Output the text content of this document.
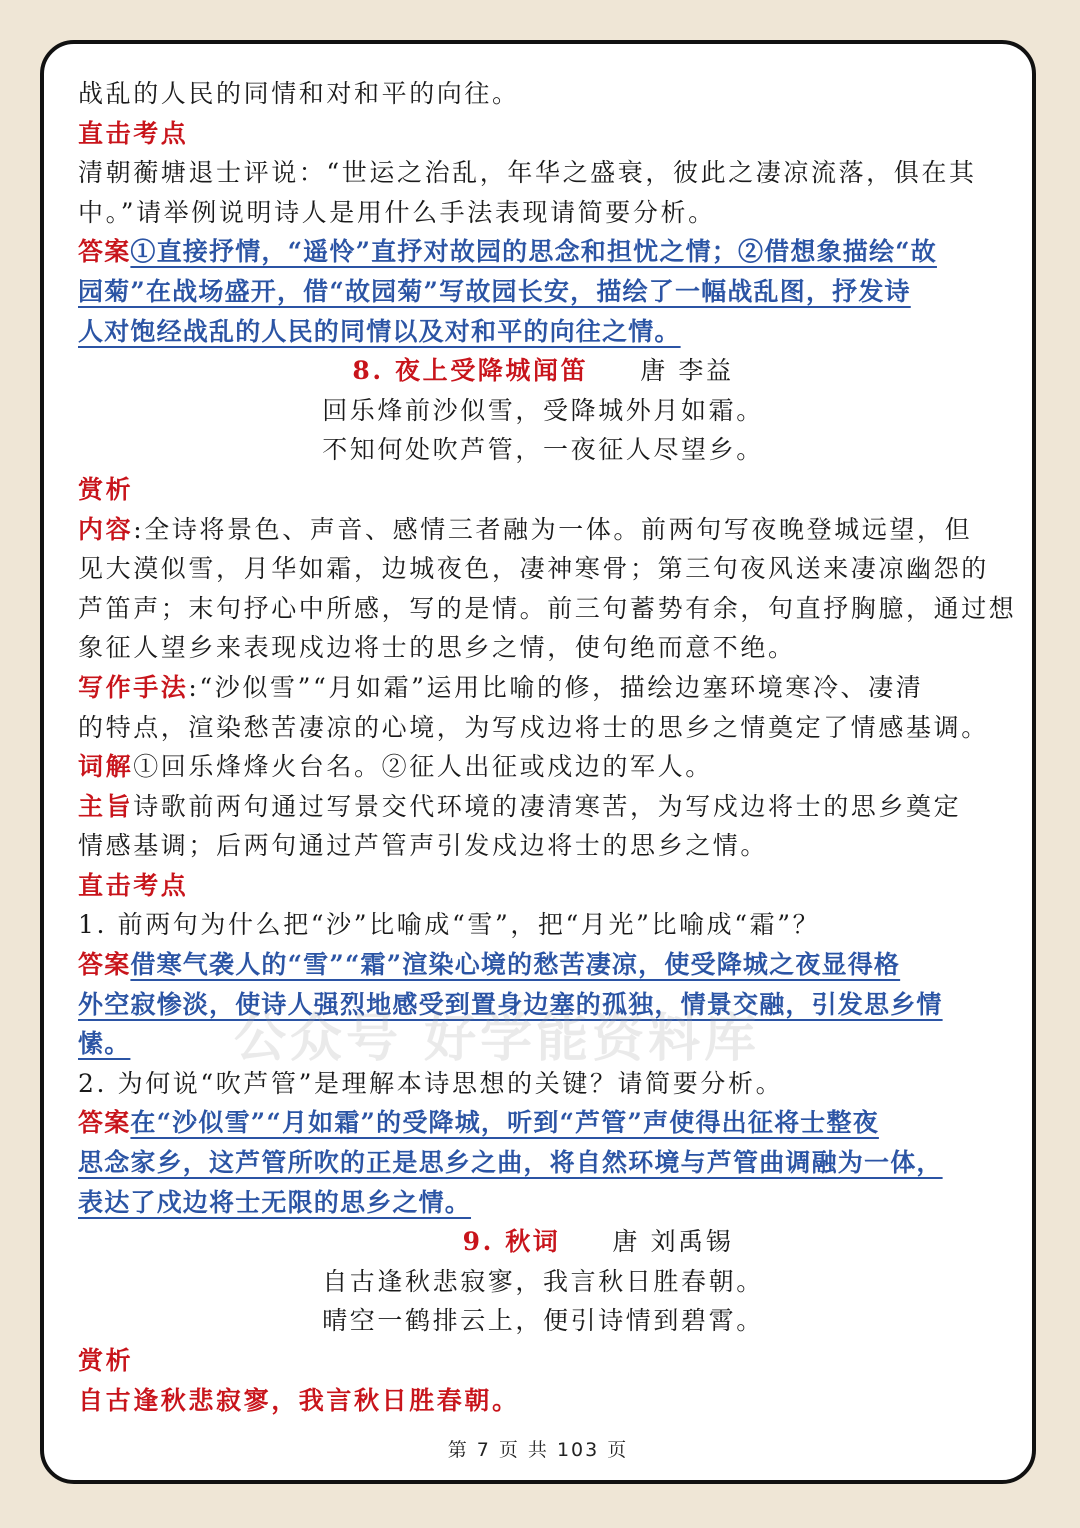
战乱的人民的同情和对和平的向往。
直击考点
清朝蘅塘退士评说：“世运之治乱，年华之盛衰，彼此之凄凉流落，俱在其
中。”请举例说明诗人是用什么手法表现请简要分析。
答案①直接抒情，“遥怜”直抒对故园的思念和担忧之情；②借想象描绘“故
园菊”在战场盛开，借“故园菊”写故园长安，描绘了一幅战乱图，抒发诗
人对饱经战乱的人民的同情以及对和平的向往之情。
8. 夜上受降城闻笛 唐 李益
回乐烽前沙似雪，受降城外月如霜。
不知何处吹芦管，一夜征人尽望乡。
赏析
内容:全诗将景色、声音、感情三者融为一体。前两句写夜晚登城远望，但
见大漠似雪，月华如霜，边城夜色，凄神寒骨；第三句夜风送来凄凉幽怨的
芦笛声；末句抒心中所感，写的是情。前三句蓄势有余，句直抒胸臆，通过想
象征人望乡来表现戍边将士的思乡之情，使句绝而意不绝。
写作手法:“沙似雪”“月如霜”运用比喻的修，描绘边塞环境寒冷、凄清
的特点，渲染愁苦凄凉的心境，为写戍边将士的思乡之情奠定了情感基调。
词解①回乐烽烽火台名。②征人出征或戍边的军人。
主旨诗歌前两句通过写景交代环境的凄清寒苦，为写戍边将士的思乡奠定
情感基调；后两句通过芦管声引发戍边将士的思乡之情。
直击考点
1. 前两句为什么把“沙”比喻成“雪”，把“月光”比喻成“霜”？
答案借寒气袭人的“雪”“霜”渲染心境的愁苦凄凉，使受降城之夜显得格
外空寂惨淡，使诗人强烈地感受到置身边塞的孤独，情景交融，引发思乡情
愫。
2. 为何说“吹芦管”是理解本诗思想的关键？请简要分析。
答案在“沙似雪”“月如霜”的受降城，听到“芦管”声使得出征将士整夜
思念家乡，这芦管所吹的正是思乡之曲，将自然环境与芦管曲调融为一体，
表达了戍边将士无限的思乡之情。
9. 秋词 唐 刘禹锡
自古逢秋悲寂寥，我言秋日胜春朝。
晴空一鹤排云上，便引诗情到碧霄。
赏析
自古逢秋悲寂寥，我言秋日胜春朝。
公众号 好学能资料库
第 7 页 共 103 页
